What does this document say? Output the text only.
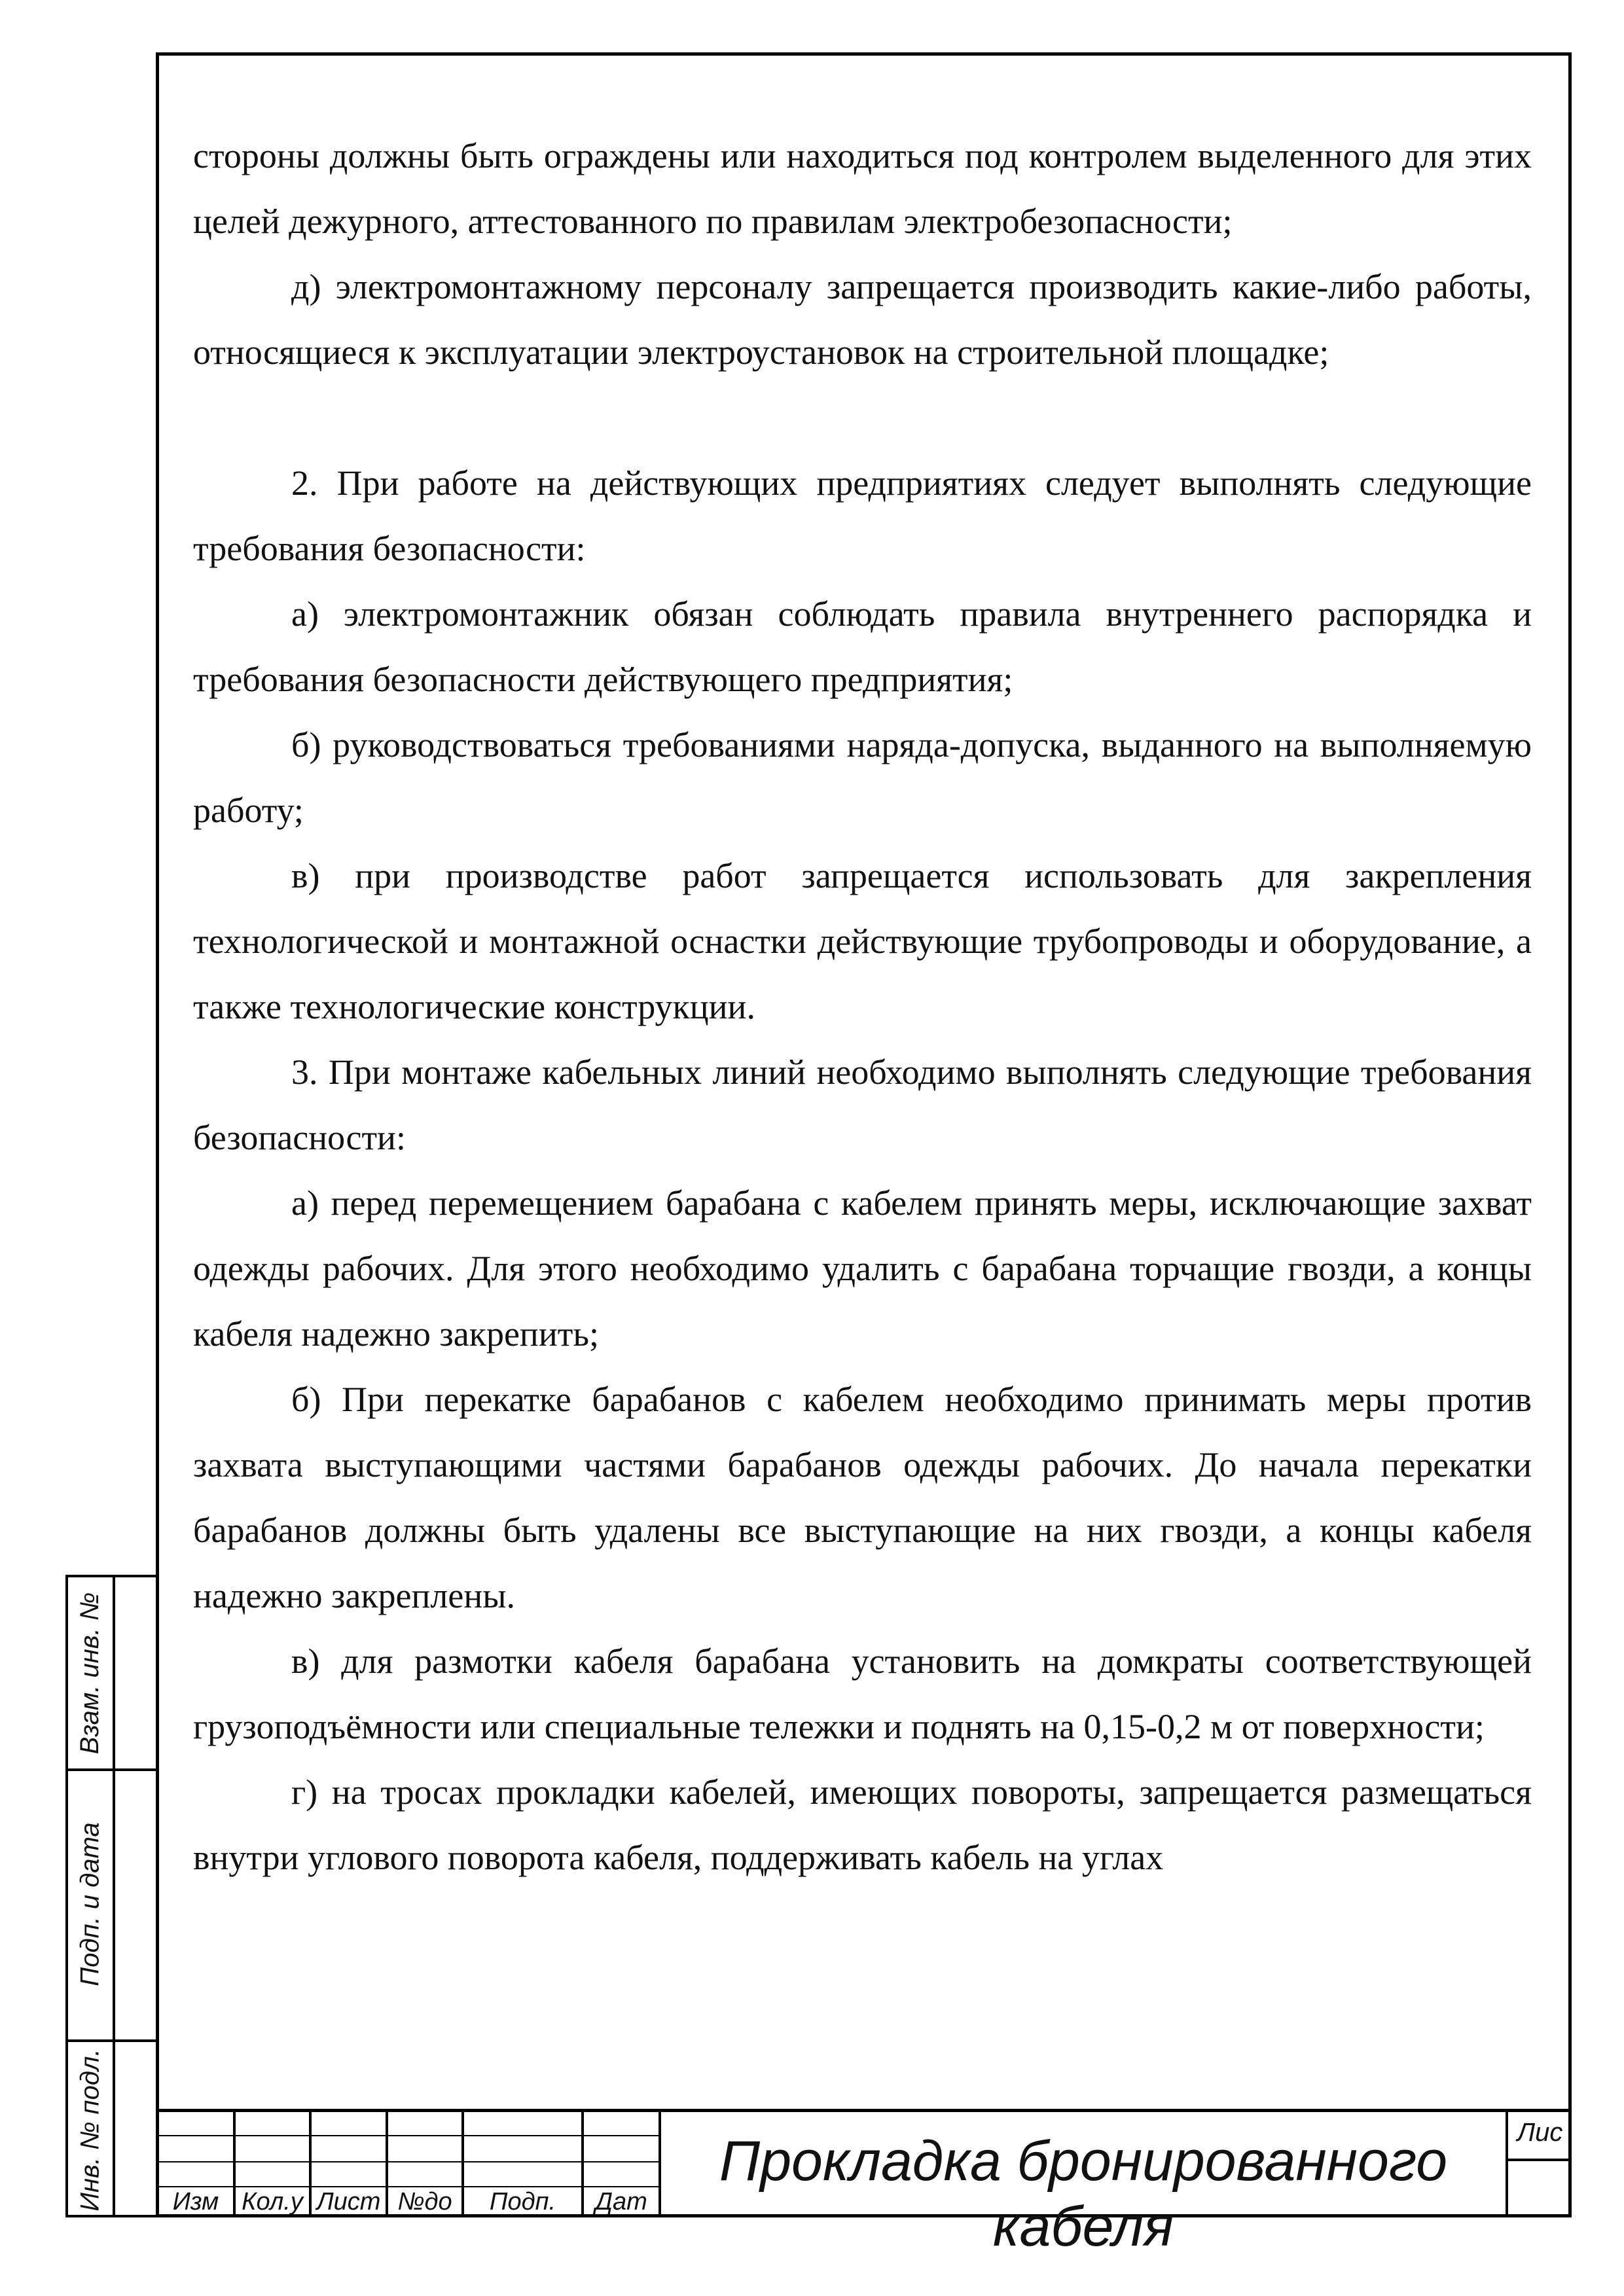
стороны должны быть ограждены или находиться под контролем выделенного для этих целей дежурного, аттестованного по правилам электробезопасности;

д) электромонтажному персоналу запрещается производить какие-либо работы, относящиеся к эксплуатации электроустановок на строительной площадке;

2. При работе на действующих предприятиях следует выполнять следующие требования безопасности:

а) электромонтажник обязан соблюдать правила внутреннего распорядка и требования безопасности действующего предприятия;

б) руководствоваться требованиями наряда-допуска, выданного на выполняемую работу;

в) при производстве работ запрещается использовать для закрепления технологической и монтажной оснастки действующие трубопроводы и оборудование, а также технологические конструкции.

3. При монтаже кабельных линий необходимо выполнять следующие требования безопасности:

а) перед перемещением барабана с кабелем принять меры, исключающие захват одежды рабочих. Для этого необходимо удалить с барабана торчащие гвозди, а концы кабеля надежно закрепить;

б) При перекатке барабанов с кабелем необходимо принимать меры против захвата выступающими частями барабанов одежды рабочих. До начала перекатки барабанов должны быть удалены все выступающие на них гвозди, а концы кабеля надежно закреплены.

в) для размотки кабеля барабана установить на домкраты соответствующей грузоподъёмности или специальные тележки и поднять на 0,15-0,2 м от поверхности;

г) на тросах прокладки кабелей, имеющих повороты, запрещается размещаться внутри углового поворота кабеля, поддерживать кабель на углах

Взам. инв. №
Подп. и дата
Инв. № подл.	Изм Кол.у Лист №до	Подп.	Дат
Прокладка бронированного кабеля
Лис
